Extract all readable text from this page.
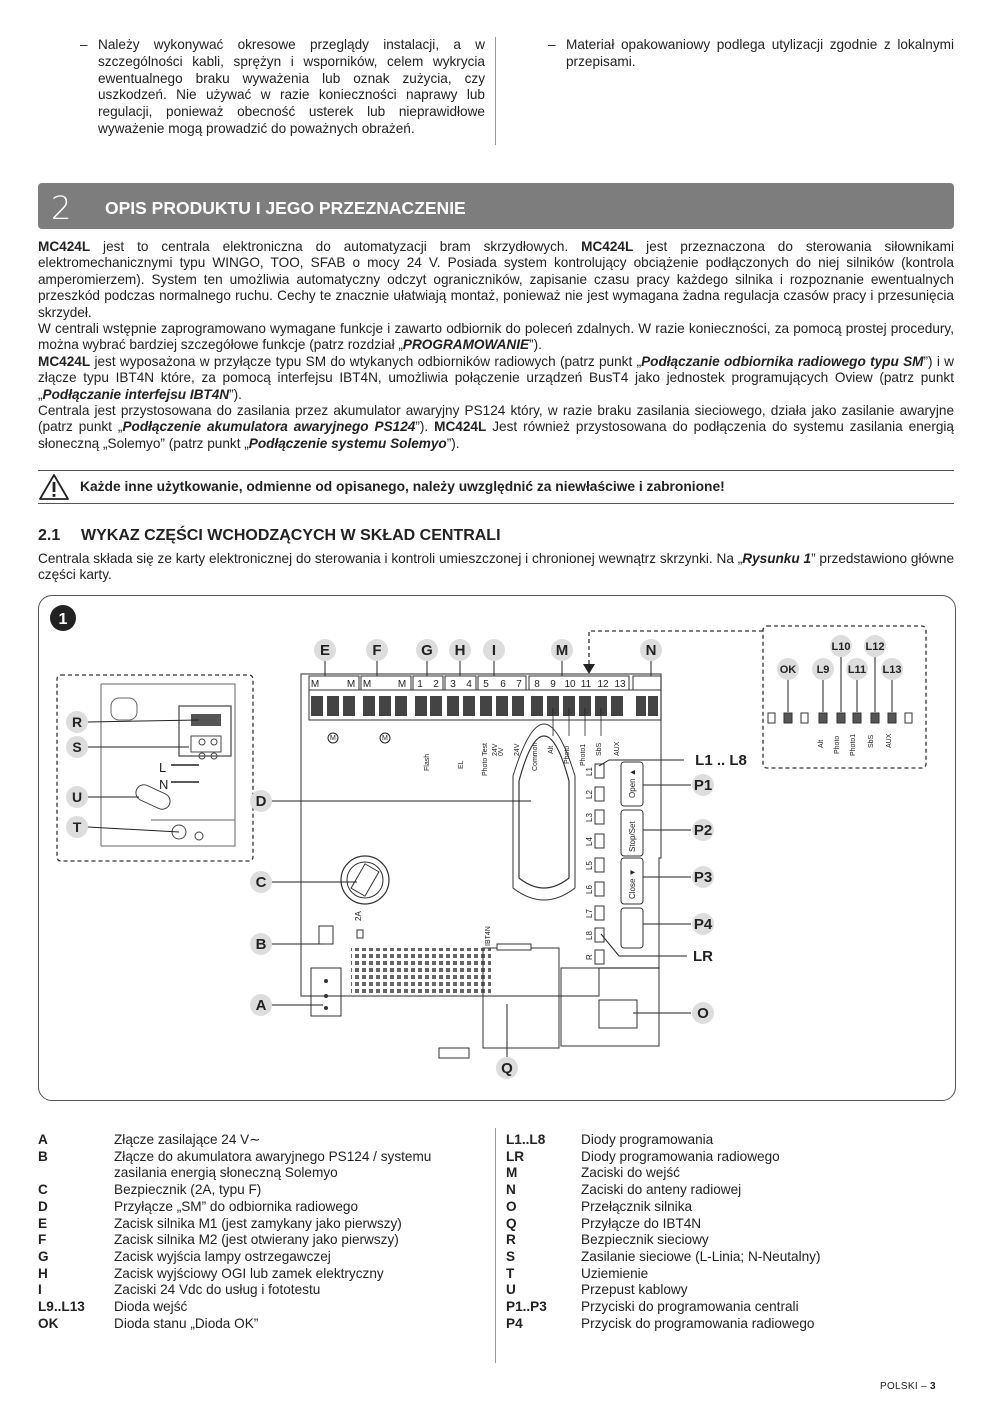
– Należy wykonywać okresowe przeglądy instalacji, a w szczególności kabli, sprężyn i wsporników, celem wykrycia ewentualnego braku wyważenia lub oznak zużycia, czy uszkodzeń. Nie używać w razie konieczności naprawy lub regulacji, ponieważ obecność usterek lub nieprawidłowe wyważenie mogą prowadzić do poważnych obrażeń.
– Materiał opakowaniowy podlega utylizacji zgodnie z lokalnymi przepisami.
2 OPIS PRODUKTU I JEGO PRZEZNACZENIE
MC424L jest to centrala elektroniczna do automatyzacji bram skrzydłowych. MC424L jest przeznaczona do sterowania siłownikami elektromechanicznymi typu WINGO, TOO, SFAB o mocy 24 V. Posiada system kontrolujący obciążenie podłączonych do niej silników (kontrola amperomierzem). System ten umożliwia automatyczny odczyt ograniczników, zapisanie czasu pracy każdego silnika i rozpoznanie ewentualnych przeszkód podczas normalnego ruchu. Cechy te znacznie ułatwiają montaż, ponieważ nie jest wymagana żadna regulacja czasów pracy i przesunięcia skrzydeł.
W centrali wstępnie zaprogramowano wymagane funkcje i zawarto odbiornik do poleceń zdalnych. W razie konieczności, za pomocą prostej procedury, można wybrać bardziej szczegółowe funkcje (patrz rozdział „PROGRAMOWANIE”).
MC424L jest wyposażona w przyłącze typu SM do wtykanych odbiorników radiowych (patrz punkt „Podłączanie odbiornika radiowego typu SM”) i w złącze typu IBT4N które, za pomocą interfejsu IBT4N, umożliwia połączenie urządzeń BusT4 jako jednostek programujących Oview (patrz punkt „Podłączanie interfejsu IBT4N”).
Centrala jest przystosowana do zasilania przez akumulator awaryjny PS124 który, w razie braku zasilania sieciowego, działa jako zasilanie awaryjne (patrz punkt „Podłączenie akumulatora awaryjnego PS124”). MC424L Jest również przystosowana do podłączenia do systemu zasilania energią słoneczną „Solemyo” (patrz punkt „Podłączenie systemu Solemyo”).
Każde inne użytkowanie, odmienne od opisanego, należy uwzględnić za niewłaściwe i zabronione!
2.1 WYKAZ CZĘŚCI WCHODZĄCYCH W SKŁAD CENTRALI
Centrala składa się ze karty elektronicznej do sterowania i kontroli umieszczonej i chronionej wewnątrz skrzynki. Na „Rysunku 1” przedstawiono główne części karty.
1
L
N
R
S
U
T
L10 L12
OK L9 L11 L13
Alt Photo Photo1 SbS AUX
E	F	G H I	M	N
M	M M	M 1 2 3 4 5 6 7 8 9 10 11 12 13
M	M
Flash	EL Photo Test 24V 0V 24V Common Alt Photo Photo1 SbS AUX
2A
IBT4N
L1
L2
L3
L4
L5
L6
L7
L8
R
Open ▲
Stop/Set
Close ▼
D
C
B
A
L1 .. L8
P1
P2
P3
P4
LR
O
Q
A	Złącze zasilające 24 V∼
B	Złącze do akumulatora awaryjnego PS124 / systemu zasilania energią słoneczną Solemyo
C	Bezpiecznik (2A, typu F)
D	Przyłącze „SM” do odbiornika radiowego
E	Zacisk silnika M1 (jest zamykany jako pierwszy)
F	Zacisk silnika M2 (jest otwierany jako pierwszy)
G	Zacisk wyjścia lampy ostrzegawczej
H	Zacisk wyjściowy OGI lub zamek elektryczny
I	Zaciski 24 Vdc do usług i fototestu
L9..L13 Dioda wejść
OK	Dioda stanu „Dioda OK”
L1..L8	Diody programowania
LR	Diody programowania radiowego
M	Zaciski do wejść
N	Zaciski do anteny radiowej
O	Przełącznik silnika
Q	Przyłącze do IBT4N
R	Bezpiecznik sieciowy
S	Zasilanie sieciowe (L-Linia; N-Neutalny)
T	Uziemienie
U	Przepust kablowy
P1..P3	Przyciski do programowania centrali
P4	Przycisk do programowania radiowego
POLSKI – 3
